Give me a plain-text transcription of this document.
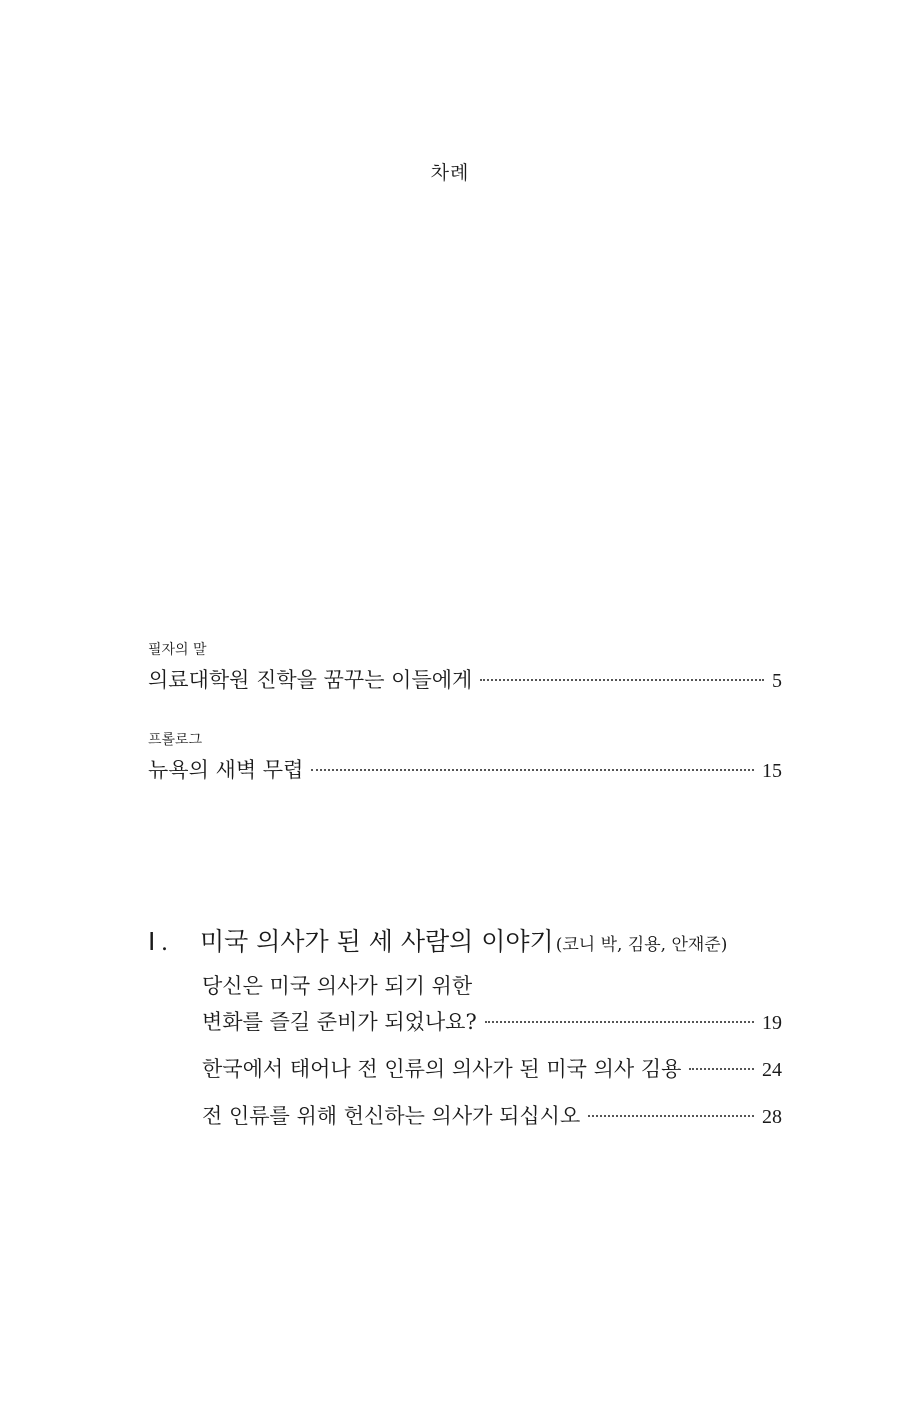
차례
필자의 말
의료대학원 진학을 꿈꾸는 이들에게	5
프롤로그
뉴욕의 새벽 무렵	15
Ⅰ.	미국 의사가 된 세 사람의 이야기 (코니 박, 김용, 안재준)
당신은 미국 의사가 되기 위한
변화를 즐길 준비가 되었나요?	19
한국에서 태어나 전 인류의 의사가 된 미국 의사 김용	24
전 인류를 위해 헌신하는 의사가 되십시오	28
